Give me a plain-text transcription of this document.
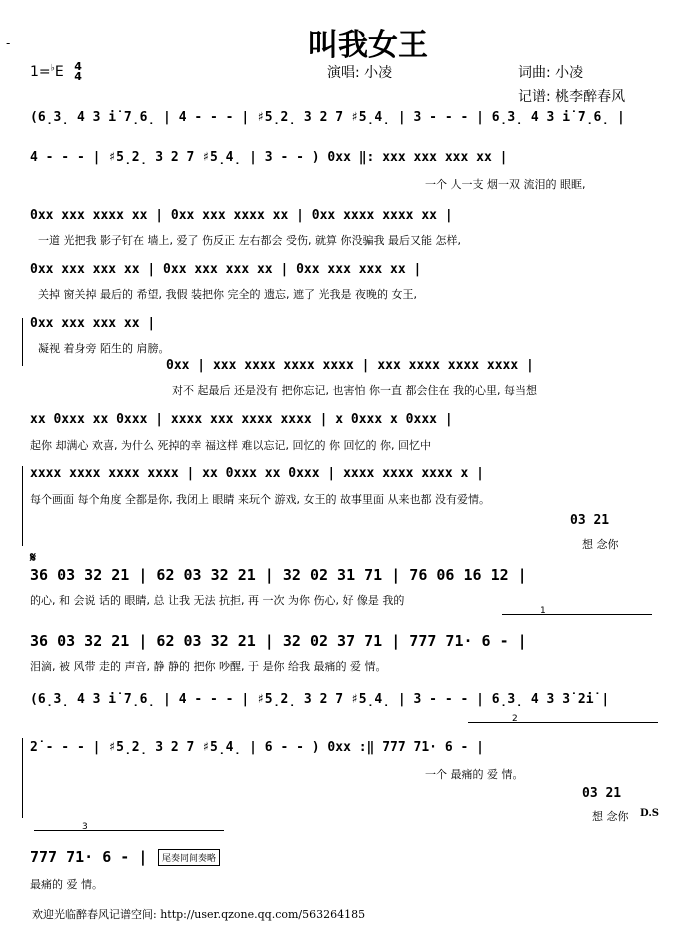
-	叫我女王
1=♭E 4
4	演唱: 小凌	词曲: 小凌
记谱: 桃李醉春风
(6̣3̣ 4 3 i̇ 7̣6̣ | 4 - - - | ♯5̣2̣ 3 2 7 ♯5̣4̣ | 3 - - - | 6̣3̣ 4 3 i̇ 7̣6̣ |
4 - - - | ♯5̣2̣ 3 2 7 ♯5̣4̣ | 3 - - ) 0xx ‖: xxx xxx xxx xx |
一个 人一支 烟一双 流泪的 眼眶,
0xx xxx xxxx xx | 0xx xxx xxxx xx | 0xx xxxx xxxx xx |
一道 光把我 影子钉在 墙上, 爱了 伤反正 左右都会 受伤, 就算 你没骗我 最后又能 怎样,
0xx xxx xxx xx | 0xx xxx xxx xx | 0xx xxx xxx xx |
关掉 窗关掉 最后的 希望, 我假 装把你 完全的 遗忘, 遮了 光我是 夜晚的 女王,
0xx xxx xxx xx |
凝视 着身旁 陌生的 肩膀。
0xx | xxx xxxx xxxx xxxx | xxx xxxx xxxx xxxx |
对不 起最后 还是没有 把你忘记, 也害怕 你一直 都会住在 我的心里, 每当想
xx 0xxx xx 0xxx | xxxx xxx xxxx xxxx | x 0xxx x 0xxx |
起你 却满心 欢喜, 为什么 死掉的幸 福这样 难以忘记, 回忆的 你 回忆的 你, 回忆中
xxxx xxxx xxxx xxxx | xx 0xxx xx 0xxx | xxxx xxxx xxxx x |
每个画面 每个角度 全都是你, 我闭上 眼睛 来玩个 游戏, 女王的 故事里面 从来也都 没有爱情。
03 21
想 念你
𝄋
36 03 32 21 | 62 03 32 21 | 32 02 31 71 | 76 06 16 12 |
的心, 和 会说 话的 眼睛, 总 让我 无法 抗拒, 再 一次 为你 伤心, 好 像是 我的
1
36 03 32 21 | 62 03 32 21 | 32 02 37 71 | 777 71· 6 - |
泪滴, 被 风带 走的 声音, 静 静的 把你 吵醒, 于 是你 给我 最痛的 爱 情。
(6̣3̣ 4 3 i̇ 7̣6̣ | 4 - - - | ♯5̣2̣ 3 2 7 ♯5̣4̣ | 3 - - - | 6̣3̣ 4 3 3̇ 2̇i̇ |
2
2̇ - - - | ♯5̣2̣ 3 2 7 ♯5̣4̣ | 6 - - ) 0xx :‖ 777 71· 6 - |
一个 最痛的 爱 情。
03 21
想 念你 D.S
3
777 71· 6 - |
最痛的 爱 情。
尾奏同间奏略
欢迎光临醉春风记谱空间: http://user.qzone.qq.com/563264185
